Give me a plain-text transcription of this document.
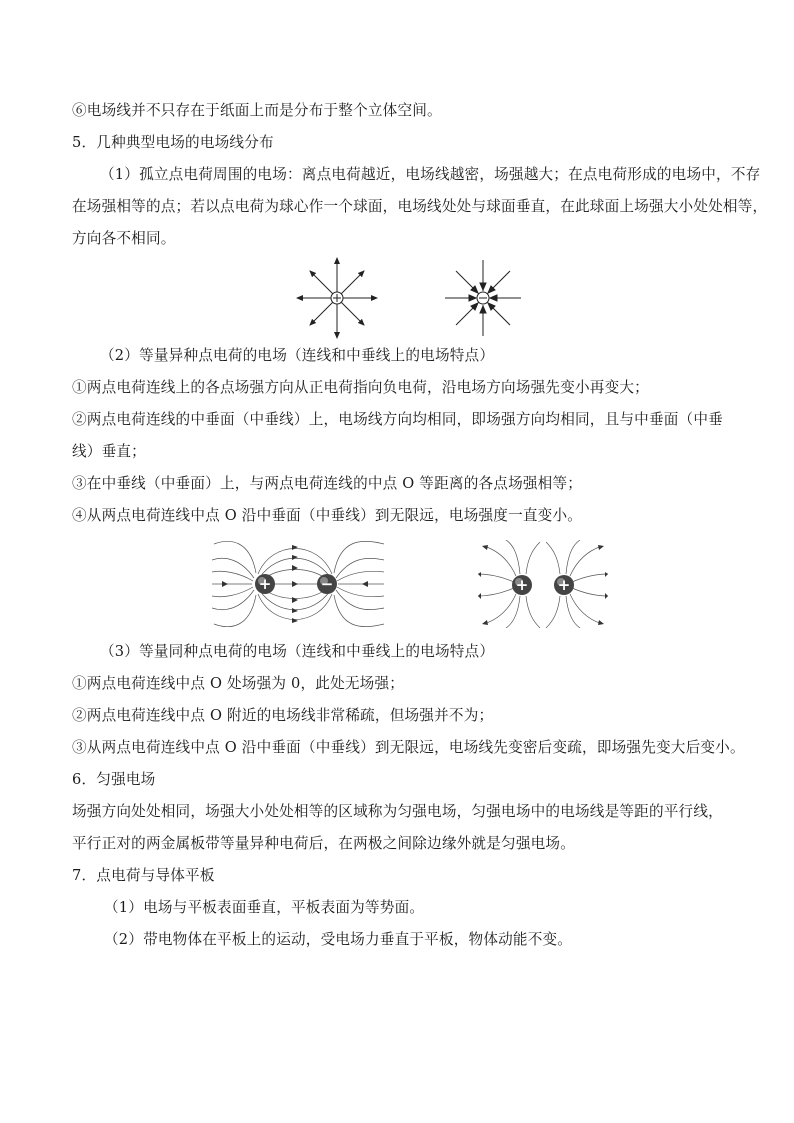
⑥电场线并不只存在于纸面上而是分布于整个立体空间。
5．几种典型电场的电场线分布
（1）孤立点电荷周围的电场：离点电荷越近，电场线越密，场强越大；在点电荷形成的电场中，不存
在场强相等的点；若以点电荷为球心作一个球面，电场线处处与球面垂直，在此球面上场强大小处处相等，
方向各不相同。
（2）等量异种点电荷的电场（连线和中垂线上的电场特点）
①两点电荷连线上的各点场强方向从正电荷指向负电荷，沿电场方向场强先变小再变大；
②两点电荷连线的中垂面（中垂线）上，电场线方向均相同，即场强方向均相同，且与中垂面（中垂
线）垂直；
③在中垂线（中垂面）上，与两点电荷连线的中点 O 等距离的各点场强相等；
④从两点电荷连线中点 O 沿中垂面（中垂线）到无限远，电场强度一直变小。
+	−	+ +
（3）等量同种点电荷的电场（连线和中垂线上的电场特点）
①两点电荷连线中点 O 处场强为 0，此处无场强；
②两点电荷连线中点 O 附近的电场线非常稀疏，但场强并不为；
③从两点电荷连线中点 O 沿中垂面（中垂线）到无限远，电场线先变密后变疏，即场强先变大后变小。
6．匀强电场
场强方向处处相同，场强大小处处相等的区域称为匀强电场，匀强电场中的电场线是等距的平行线，
平行正对的两金属板带等量异种电荷后，在两极之间除边缘外就是匀强电场。
7．点电荷与导体平板
（1）电场与平板表面垂直，平板表面为等势面。
（2）带电物体在平板上的运动，受电场力垂直于平板，物体动能不变。
